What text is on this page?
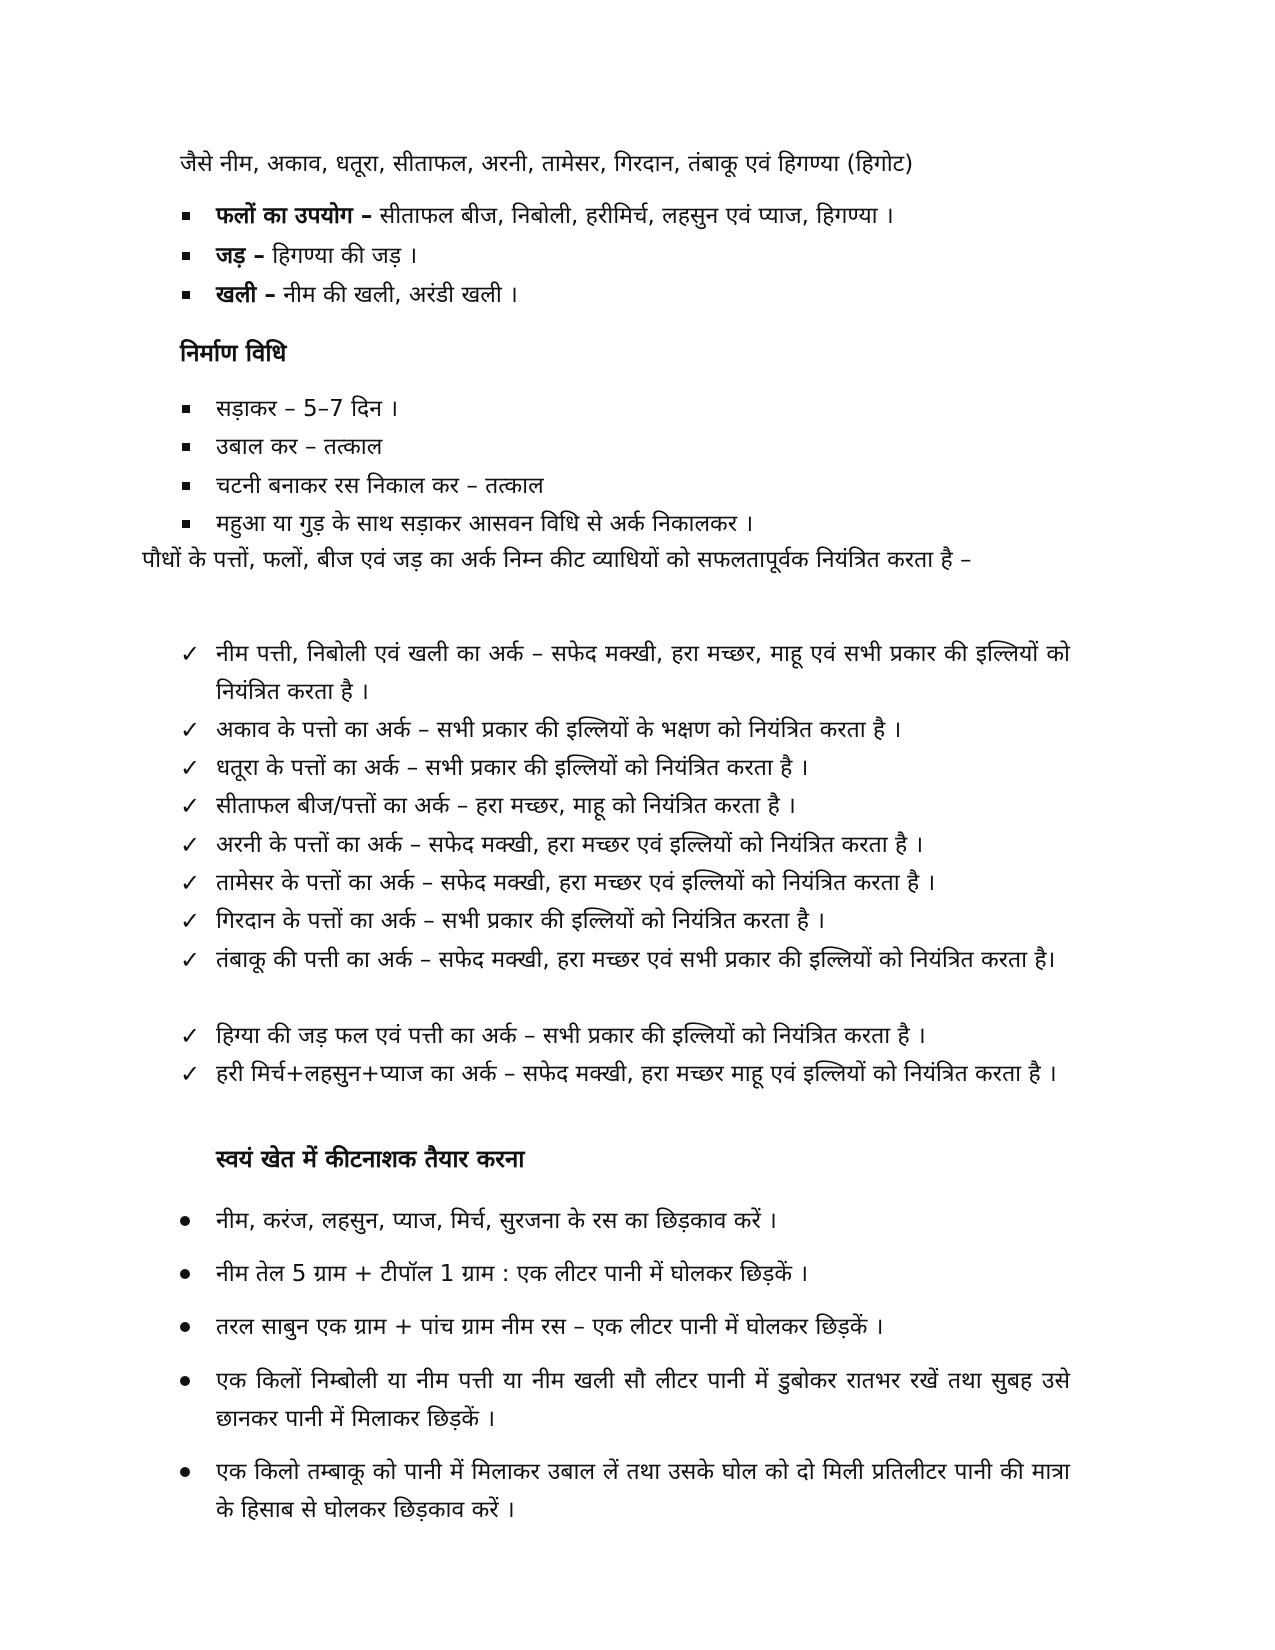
जैसे नीम, अकाव, धतूरा, सीताफल, अरनी, तामेसर, गिरदान, तंबाकू एवं हिगण्या (हिगोट)
फलों का उपयोग – सीताफल बीज, निबोली, हरीमिर्च, लहसुन एवं प्याज, हिगण्या ।
जड़ – हिगण्या की जड़ ।
खली – नीम की खली, अरंडी खली ।
निर्माण विधि
सड़ाकर – 5–7 दिन ।
उबाल कर – तत्काल
चटनी बनाकर रस निकाल कर – तत्काल
महुआ या गुड़ के साथ सड़ाकर आसवन विधि से अर्क निकालकर ।
पौधों के पत्तों, फलों, बीज एवं जड़ का अर्क निम्न कीट व्याधियों को सफलतापूर्वक नियंत्रित करता है –
✓ नीम पत्ती, निबोली एवं खली का अर्क – सफेद मक्खी, हरा मच्छर, माहू एवं सभी प्रकार की इल्लियों को नियंत्रित करता है ।
✓ अकाव के पत्तो का अर्क – सभी प्रकार की इल्लियों के भक्षण को नियंत्रित करता है ।
✓ धतूरा के पत्तों का अर्क – सभी प्रकार की इल्लियों को नियंत्रित करता है ।
✓ सीताफल बीज/पत्तों का अर्क – हरा मच्छर, माहू को नियंत्रित करता है ।
✓ अरनी के पत्तों का अर्क – सफेद मक्खी, हरा मच्छर एवं इल्लियों को नियंत्रित करता है ।
✓ तामेसर के पत्तों का अर्क – सफेद मक्खी, हरा मच्छर एवं इल्लियों को नियंत्रित करता है ।
✓ गिरदान के पत्तों का अर्क – सभी प्रकार की इल्लियों को नियंत्रित करता है ।
✓ तंबाकू की पत्ती का अर्क – सफेद मक्खी, हरा मच्छर एवं सभी प्रकार की इल्लियों को नियंत्रित करता है।
✓ हिग्या की जड़ फल एवं पत्ती का अर्क – सभी प्रकार की इल्लियों को नियंत्रित करता है ।
✓ हरी मिर्च+लहसुन+प्याज का अर्क – सफेद मक्खी, हरा मच्छर माहू एवं इल्लियों को नियंत्रित करता है ।
स्वयं खेत में कीटनाशक तैयार करना
नीम, करंज, लहसुन, प्याज, मिर्च, सुरजना के रस का छिड़काव करें ।
नीम तेल 5 ग्राम + टीपॉल 1 ग्राम : एक लीटर पानी में घोलकर छिड़कें ।
तरल साबुन एक ग्राम + पांच ग्राम नीम रस – एक लीटर पानी में घोलकर छिड़कें ।
एक किलों निम्बोली या नीम पत्ती या नीम खली सौ लीटर पानी में डुबोकर रातभर रखें तथा सुबह उसे छानकर पानी में मिलाकर छिड़कें ।
एक किलो तम्बाकू को पानी में मिलाकर उबाल लें तथा उसके घोल को दो मिली प्रतिलीटर पानी की मात्रा के हिसाब से घोलकर छिड़काव करें ।
